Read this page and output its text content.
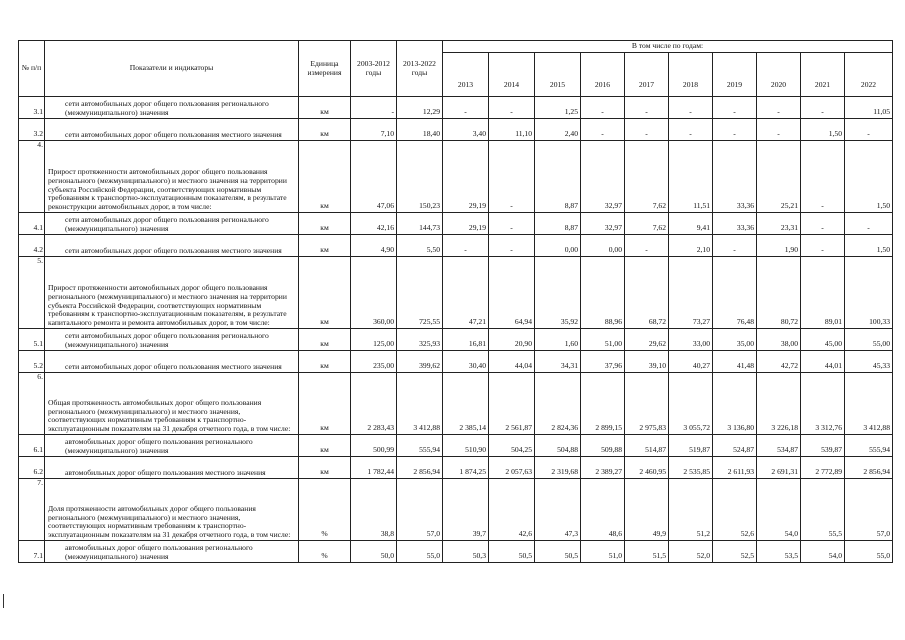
№ п/п	Показатели и индикаторы	Единица измерения	2003-2012 годы	2013-2022 годы	В том числе по годам:									
					2013	2014	2015	2016	2017	2018	2019	2020	2021	2022
3.1	сети автомобильных дорог общего пользования регионального (межмуниципального) значения	км	-	12,29	-	-	1,25	-	-	-	-	-	-	11,05
3.2	сети автомобильных дорог общего пользования местного значения	км	7,10	18,40	3,40	11,10	2,40	-	-	-	-	-	1,50	-
4.	Прирост протяженности автомобильных дорог общего пользования регионального (межмуниципального) и местного значения на территории субъекта Российской Федерации, соответствующих нормативным требованиям к транспортно-эксплуатационным показателям, в результате реконструкции автомобильных дорог, в том числе:	км	47,06	150,23	29,19	-	8,87	32,97	7,62	11,51	33,36	25,21	-	1,50
4.1	сети автомобильных дорог общего пользования регионального (межмуниципального) значения	км	42,16	144,73	29,19	-	8,87	32,97	7,62	9,41	33,36	23,31	-	-
4.2	сети автомобильных дорог общего пользования местного значения	км	4,90	5,50	-	-	0,00	0,00	-	2,10	-	1,90	-	1,50
5.	Прирост протяженности автомобильных дорог общего пользования регионального (межмуниципального) и местного значения на территории субъекта Российской Федерации, соответствующих нормативным требованиям к транспортно-эксплуатационным показателям, в результате капитального ремонта и ремонта автомобильных дорог, в том числе:	км	360,00	725,55	47,21	64,94	35,92	88,96	68,72	73,27	76,48	80,72	89,01	100,33
5.1	сети автомобильных дорог общего пользования регионального (межмуниципального) значения	км	125,00	325,93	16,81	20,90	1,60	51,00	29,62	33,00	35,00	38,00	45,00	55,00
5.2	сети автомобильных дорог общего пользования местного значения	км	235,00	399,62	30,40	44,04	34,31	37,96	39,10	40,27	41,48	42,72	44,01	45,33
6.	Общая протяженность автомобильных дорог общего пользования регионального (межмуниципального) и местного значения, соответствующих нормативным требованиям к транспортно-эксплуатационным показателям на 31 декабря отчетного года, в том числе:	км	2 283,43	3 412,88	2 385,14	2 561,87	2 824,36	2 899,15	2 975,83	3 055,72	3 136,80	3 226,18	3 312,76	3 412,88
6.1	автомобильных дорог общего пользования регионального (межмуниципального) значения	км	500,99	555,94	510,90	504,25	504,88	509,88	514,87	519,87	524,87	534,87	539,87	555,94
6.2	автомобильных дорог общего пользования местного значения	км	1 782,44	2 856,94	1 874,25	2 057,63	2 319,68	2 389,27	2 460,95	2 535,85	2 611,93	2 691,31	2 772,89	2 856,94
7.	Доля протяженности автомобильных дорог общего пользования регионального (межмуниципального) и местного значения, соответствующих нормативным требованиям к транспортно-эксплуатационным показателям на 31 декабря отчетного года, в том числе:	%	38,8	57,0	39,7	42,6	47,3	48,6	49,9	51,2	52,6	54,0	55,5	57,0
7.1	автомобильных дорог общего пользования регионального (межмуниципального) значения	%	50,0	55,0	50,3	50,5	50,5	51,0	51,5	52,0	52,5	53,5	54,0	55,0
